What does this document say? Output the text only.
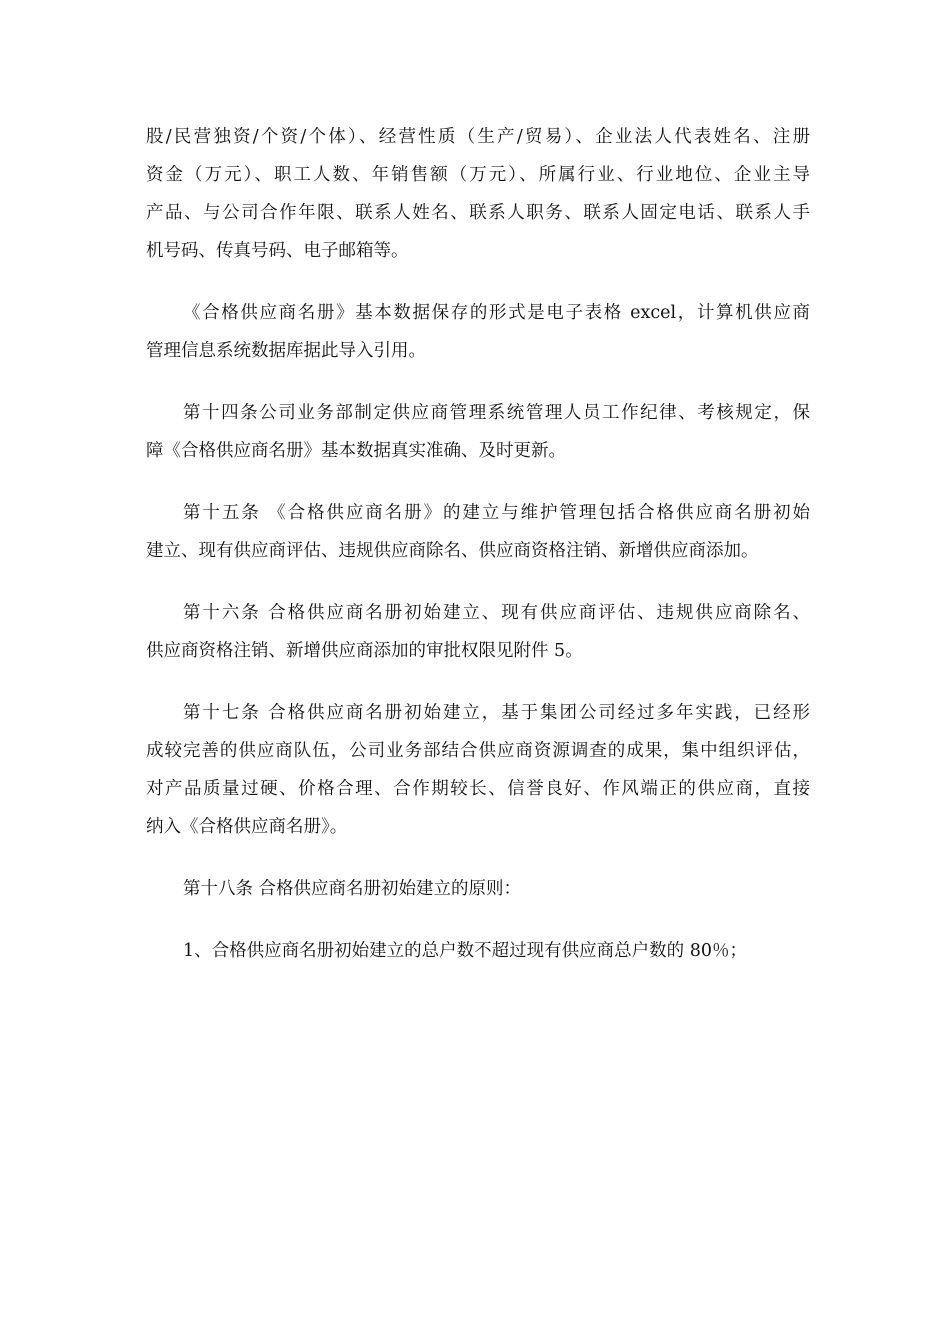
股/民营独资/个资/个体）、经营性质（生产/贸易）、企业法人代表姓名、注册
资金（万元）、职工人数、年销售额（万元）、所属行业、行业地位、企业主导
产品、与公司合作年限、联系人姓名、联系人职务、联系人固定电话、联系人手
机号码、传真号码、电子邮箱等。
《合格供应商名册》基本数据保存的形式是电子表格 excel，计算机供应商
管理信息系统数据库据此导入引用。
第十四条公司业务部制定供应商管理系统管理人员工作纪律、考核规定，保
障《合格供应商名册》基本数据真实准确、及时更新。
第十五条 《合格供应商名册》的建立与维护管理包括合格供应商名册初始
建立、现有供应商评估、违规供应商除名、供应商资格注销、新增供应商添加。
第十六条 合格供应商名册初始建立、现有供应商评估、违规供应商除名、
供应商资格注销、新增供应商添加的审批权限见附件 5。
第十七条 合格供应商名册初始建立，基于集团公司经过多年实践，已经形
成较完善的供应商队伍，公司业务部结合供应商资源调查的成果，集中组织评估，
对产品质量过硬、价格合理、合作期较长、信誉良好、作风端正的供应商，直接
纳入《合格供应商名册》。
第十八条 合格供应商名册初始建立的原则：
1、合格供应商名册初始建立的总户数不超过现有供应商总户数的 80％；
